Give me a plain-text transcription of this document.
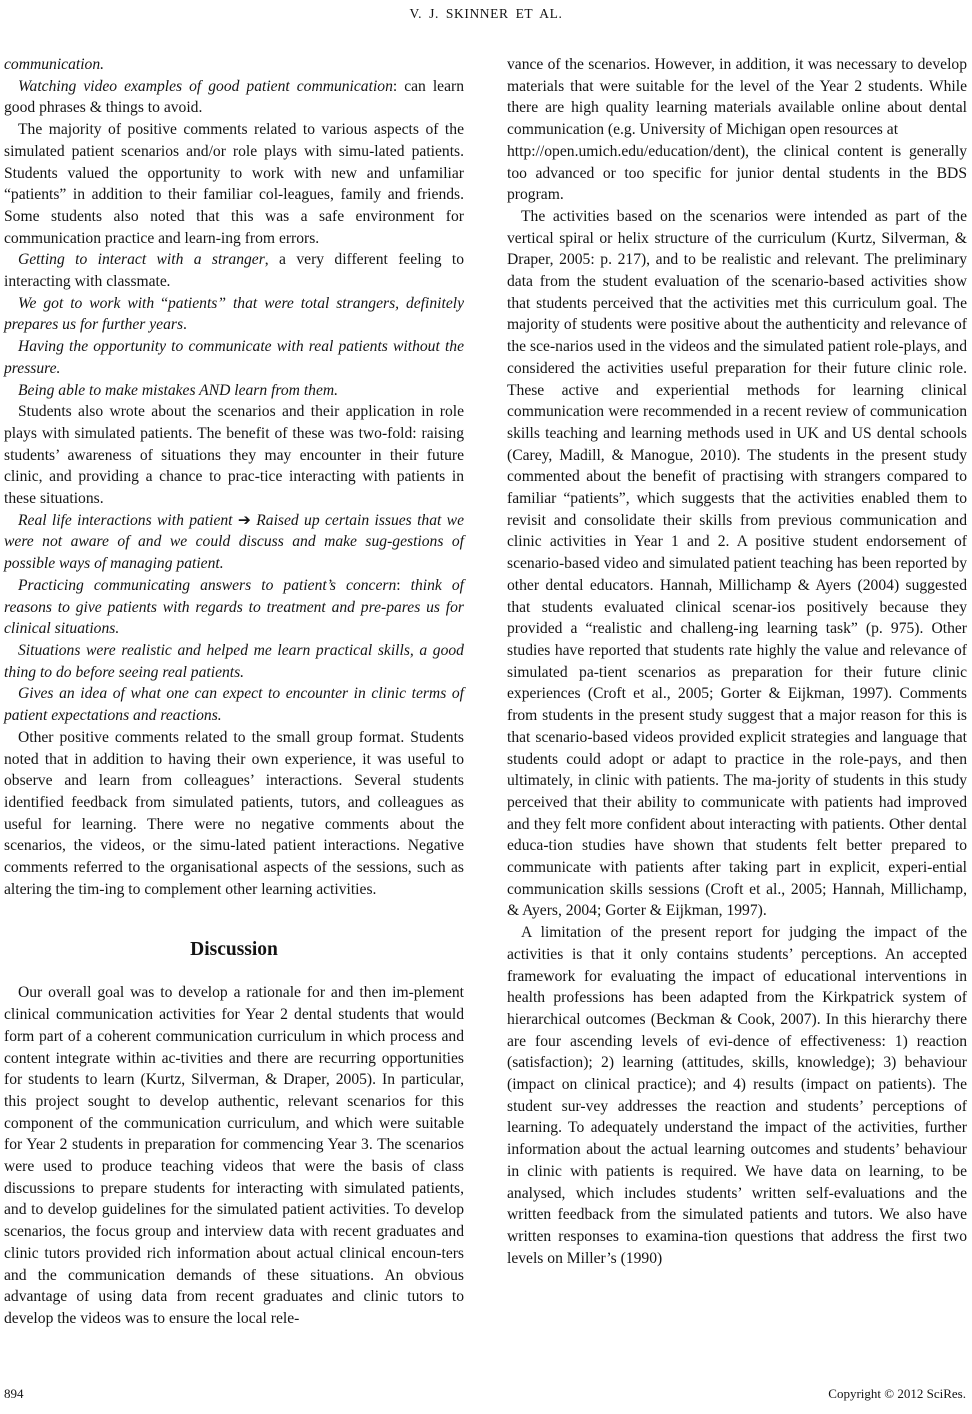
V. J. SKINNER ET AL.

communication.

Watching video examples of good patient communication: can learn good phrases & things to avoid.

The majority of positive comments related to various aspects of the simulated patient scenarios and/or role plays with simu-lated patients. Students valued the opportunity to work with new and unfamiliar “patients” in addition to their familiar col-leagues, family and friends. Some students also noted that this was a safe environment for communication practice and learn-ing from errors.

Getting to interact with a stranger, a very different feeling to interacting with classmate.

We got to work with “patients” that were total strangers, definitely prepares us for further years.

Having the opportunity to communicate with real patients without the pressure.

Being able to make mistakes AND learn from them.

Students also wrote about the scenarios and their application in role plays with simulated patients. The benefit of these was two-fold: raising students’ awareness of situations they may encounter in their future clinic, and providing a chance to prac-tice interacting with patients in these situations.

Real life interactions with patient ➔ Raised up certain issues that we were not aware of and we could discuss and make sug-gestions of possible ways of managing patient.

Practicing communicating answers to patient’s concern: think of reasons to give patients with regards to treatment and pre-pares us for clinical situations.

Situations were realistic and helped me learn practical skills, a good thing to do before seeing real patients.

Gives an idea of what one can expect to encounter in clinic terms of patient expectations and reactions.

Other positive comments related to the small group format. Students noted that in addition to having their own experience, it was useful to observe and learn from colleagues’ interactions. Several students identified feedback from simulated patients, tutors, and colleagues as useful for learning. There were no negative comments about the scenarios, the videos, or the simu-lated patient interactions. Negative comments referred to the organisational aspects of the sessions, such as altering the tim-ing to complement other learning activities.

Discussion

Our overall goal was to develop a rationale for and then im-plement clinical communication activities for Year 2 dental students that would form part of a coherent communication curriculum in which process and content integrate within ac-tivities and there are recurring opportunities for students to learn (Kurtz, Silverman, & Draper, 2005). In particular, this project sought to develop authentic, relevant scenarios for this component of the communication curriculum, and which were suitable for Year 2 students in preparation for commencing Year 3. The scenarios were used to produce teaching videos that were the basis of class discussions to prepare students for interacting with simulated patients, and to develop guidelines for the simulated patient activities. To develop scenarios, the focus group and interview data with recent graduates and clinic tutors provided rich information about actual clinical encoun-ters and the communication demands of these situations. An obvious advantage of using data from recent graduates and clinic tutors to develop the videos was to ensure the local rele-

vance of the scenarios. However, in addition, it was necessary to develop materials that were suitable for the level of the Year 2 students. While there are high quality learning materials available online about dental communication (e.g. University of Michigan open resources at

http://open.umich.edu/education/dent), the clinical content is generally too advanced or too specific for junior dental students in the BDS program.

The activities based on the scenarios were intended as part of the vertical spiral or helix structure of the curriculum (Kurtz, Silverman, & Draper, 2005: p. 217), and to be realistic and relevant. The preliminary data from the student evaluation of the scenario-based activities show that students perceived that the activities met this curriculum goal. The majority of students were positive about the authenticity and relevance of the sce-narios used in the videos and the simulated patient role-plays, and considered the activities useful preparation for their future clinic role. These active and experiential methods for learning clinical communication were recommended in a recent review of communication skills teaching and learning methods used in UK and US dental schools (Carey, Madill, & Manogue, 2010). The students in the present study commented about the benefit of practising with strangers compared to familiar “patients”, which suggests that the activities enabled them to revisit and consolidate their skills from previous communication and clinic activities in Year 1 and 2. A positive student endorsement of scenario-based video and simulated patient teaching has been reported by other dental educators. Hannah, Millichamp & Ayers (2004) suggested that students evaluated clinical scenar-ios positively because they provided a “realistic and challeng-ing learning task” (p. 975). Other studies have reported that students rate highly the value and relevance of simulated pa-tient scenarios as preparation for their future clinic experiences (Croft et al., 2005; Gorter & Eijkman, 1997). Comments from students in the present study suggest that a major reason for this is that scenario-based videos provided explicit strategies and language that students could adopt or adapt to practice in the role-pays, and then ultimately, in clinic with patients. The ma-jority of students in this study perceived that their ability to communicate with patients had improved and they felt more confident about interacting with patients. Other dental educa-tion studies have shown that students felt better prepared to communicate with patients after taking part in explicit, experi-ential communication skills sessions (Croft et al., 2005; Hannah, Millichamp, & Ayers, 2004; Gorter & Eijkman, 1997).

A limitation of the present report for judging the impact of the activities is that it only contains students’ perceptions. An accepted framework for evaluating the impact of educational interventions in health professions has been adapted from the Kirkpatrick system of hierarchical outcomes (Beckman & Cook, 2007). In this hierarchy there are four ascending levels of evi-dence of effectiveness: 1) reaction (satisfaction); 2) learning (attitudes, skills, knowledge); 3) behaviour (impact on clinical practice); and 4) results (impact on patients). The student sur-vey addresses the reaction and students’ perceptions of learning. To adequately understand the impact of the activities, further information about the actual learning outcomes and students’ behaviour in clinic with patients is required. We have data on learning, to be analysed, which includes students’ written self-evaluations and the written feedback from the simulated patients and tutors. We also have written responses to examina-tion questions that address the first two levels on Miller’s (1990)

894	Copyright © 2012 SciRes.
